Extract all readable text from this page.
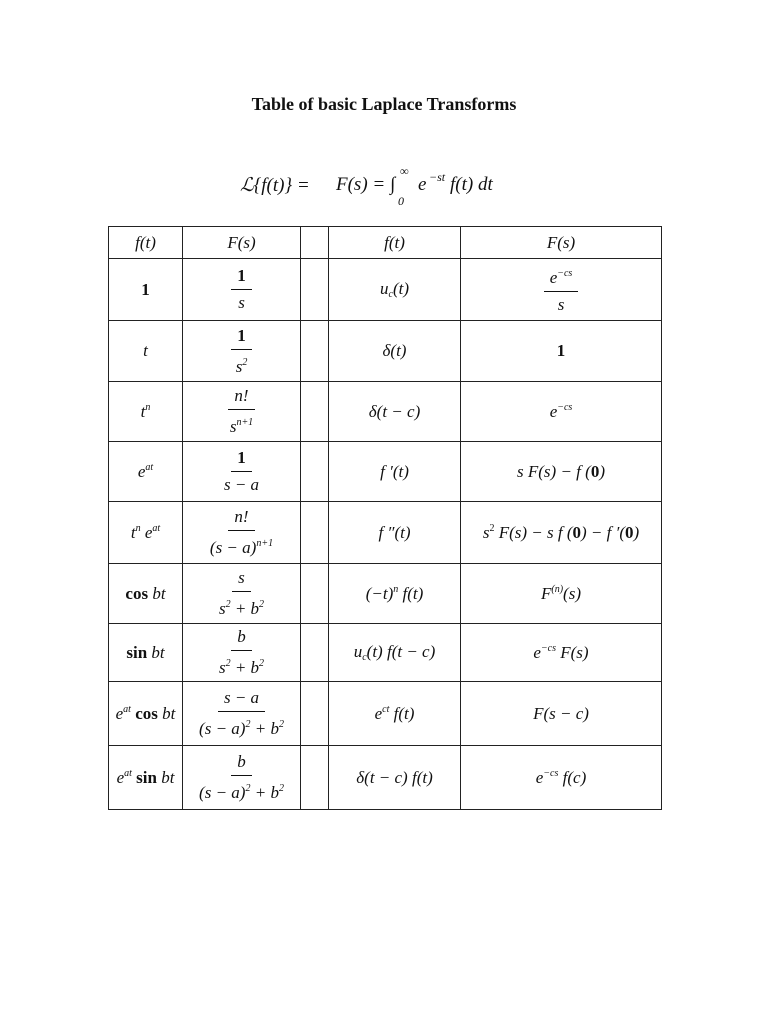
Table of basic Laplace Transforms
ℒ{f(t)} = F(s) = ∫
∞
0
e −st f(t) dt
f(t)	F(s)		f(t)	F(s)
1	$\frac{1}{s}$		$u_c(t)$	$\frac{e^{-cs}}{s}$

t	$\frac{1}{s^2}$		δ(t)	1
$t^n$	$\frac{n!}{s^{n+1}}$		δ(t − c)	$e^{-cs}$
$e^{at}$	$\frac{1}{s - a}$		f ′(t)	s F(s) − f (0)
$t^n$ $e^{at}$	$\frac{n!}{(s - a)^{n+1}}$		f ″(t)	$s^2$ F(s) − s f (0) − f ′(0)
cos bt	$\frac{s}{s^2 + b^2}$		$(-t)^n$ f(t)	$F^{(n)}(s)$
sin bt	$\frac{b}{s^2 + b^2}$		$u_c(t) f(t - c)$	$e^{-cs}$ F(s)
$e^{at}$ cos bt	$\frac{s - a}{(s - a)^2 + b^2}$		$e^{ct}$ f(t)	F(s − c)
$e^{at}$ sin bt	$\frac{b}{(s - a)^2 + b^2}$		δ(t − c) f(t)	$e^{-cs}$ f(c)
